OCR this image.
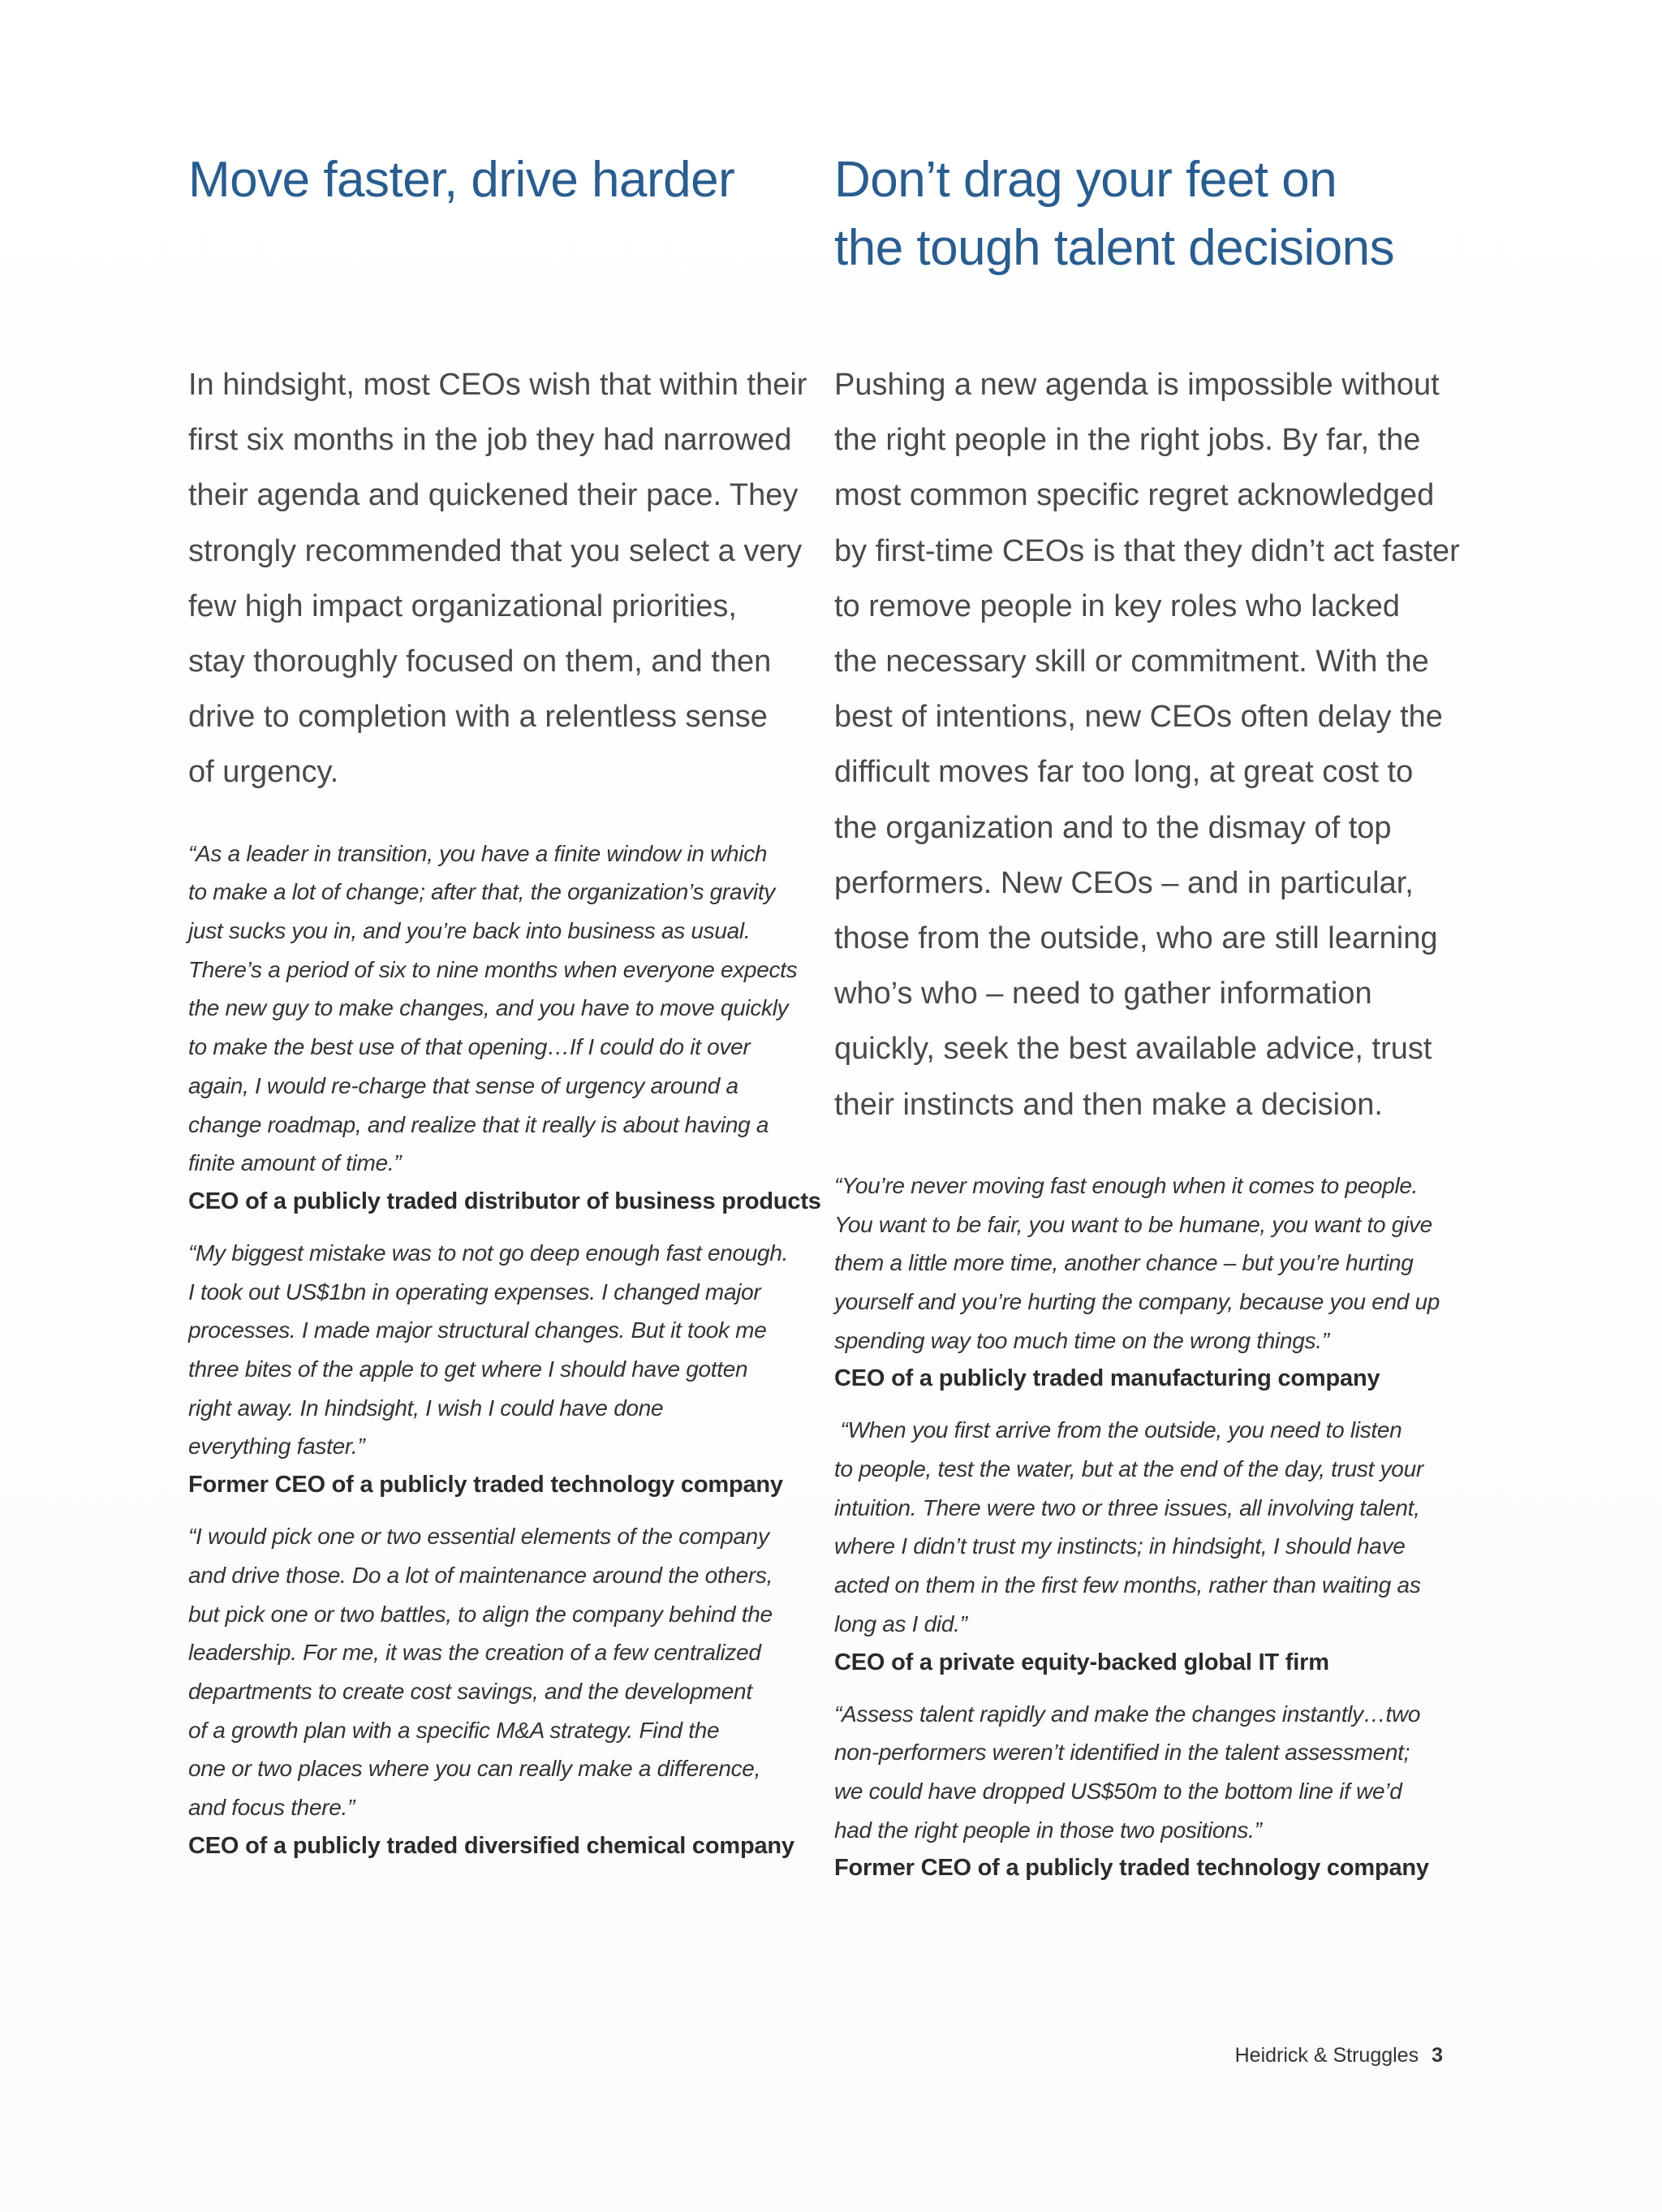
Move faster, drive harder

In hindsight, most CEOs wish that within their
first six months in the job they had narrowed
their agenda and quickened their pace. They
strongly recommended that you select a very
few high impact organizational priorities,
stay thoroughly focused on them, and then
drive to completion with a relentless sense
of urgency.

“As a leader in transition, you have a finite window in which
to make a lot of change; after that, the organization’s gravity
just sucks you in, and you’re back into business as usual.
There’s a period of six to nine months when everyone expects
the new guy to make changes, and you have to move quickly
to make the best use of that opening…If I could do it over
again, I would re-charge that sense of urgency around a
change roadmap, and realize that it really is about having a
finite amount of time.”
CEO of a publicly traded distributor of business products
“My biggest mistake was to not go deep enough fast enough.
I took out US$1bn in operating expenses. I changed major
processes. I made major structural changes. But it took me
three bites of the apple to get where I should have gotten
right away. In hindsight, I wish I could have done
everything faster.”
Former CEO of a publicly traded technology company
“I would pick one or two essential elements of the company
and drive those. Do a lot of maintenance around the others,
but pick one or two battles, to align the company behind the
leadership. For me, it was the creation of a few centralized
departments to create cost savings, and the development
of a growth plan with a specific M&A strategy. Find the
one or two places where you can really make a difference,
and focus there.”
CEO of a publicly traded diversified chemical company
Don’t drag your feet on
the tough talent decisions

Pushing a new agenda is impossible without
the right people in the right jobs. By far, the
most common specific regret acknowledged
by first-time CEOs is that they didn’t act faster
to remove people in key roles who lacked
the necessary skill or commitment. With the
best of intentions, new CEOs often delay the
difficult moves far too long, at great cost to
the organization and to the dismay of top
performers. New CEOs – and in particular,
those from the outside, who are still learning
who’s who – need to gather information
quickly, seek the best available advice, trust
their instincts and then make a decision.

“You’re never moving fast enough when it comes to people.
You want to be fair, you want to be humane, you want to give
them a little more time, another chance – but you’re hurting
yourself and you’re hurting the company, because you end up
spending way too much time on the wrong things.”
CEO of a publicly traded manufacturing company
“When you first arrive from the outside, you need to listen
to people, test the water, but at the end of the day, trust your
intuition. There were two or three issues, all involving talent,
where I didn’t trust my instincts; in hindsight, I should have
acted on them in the first few months, rather than waiting as
long as I did.”
CEO of a private equity-backed global IT firm
“Assess talent rapidly and make the changes instantly…two
non-performers weren’t identified in the talent assessment;
we could have dropped US$50m to the bottom line if we’d
had the right people in those two positions.”
Former CEO of a publicly traded technology company
Heidrick & Struggles 3
